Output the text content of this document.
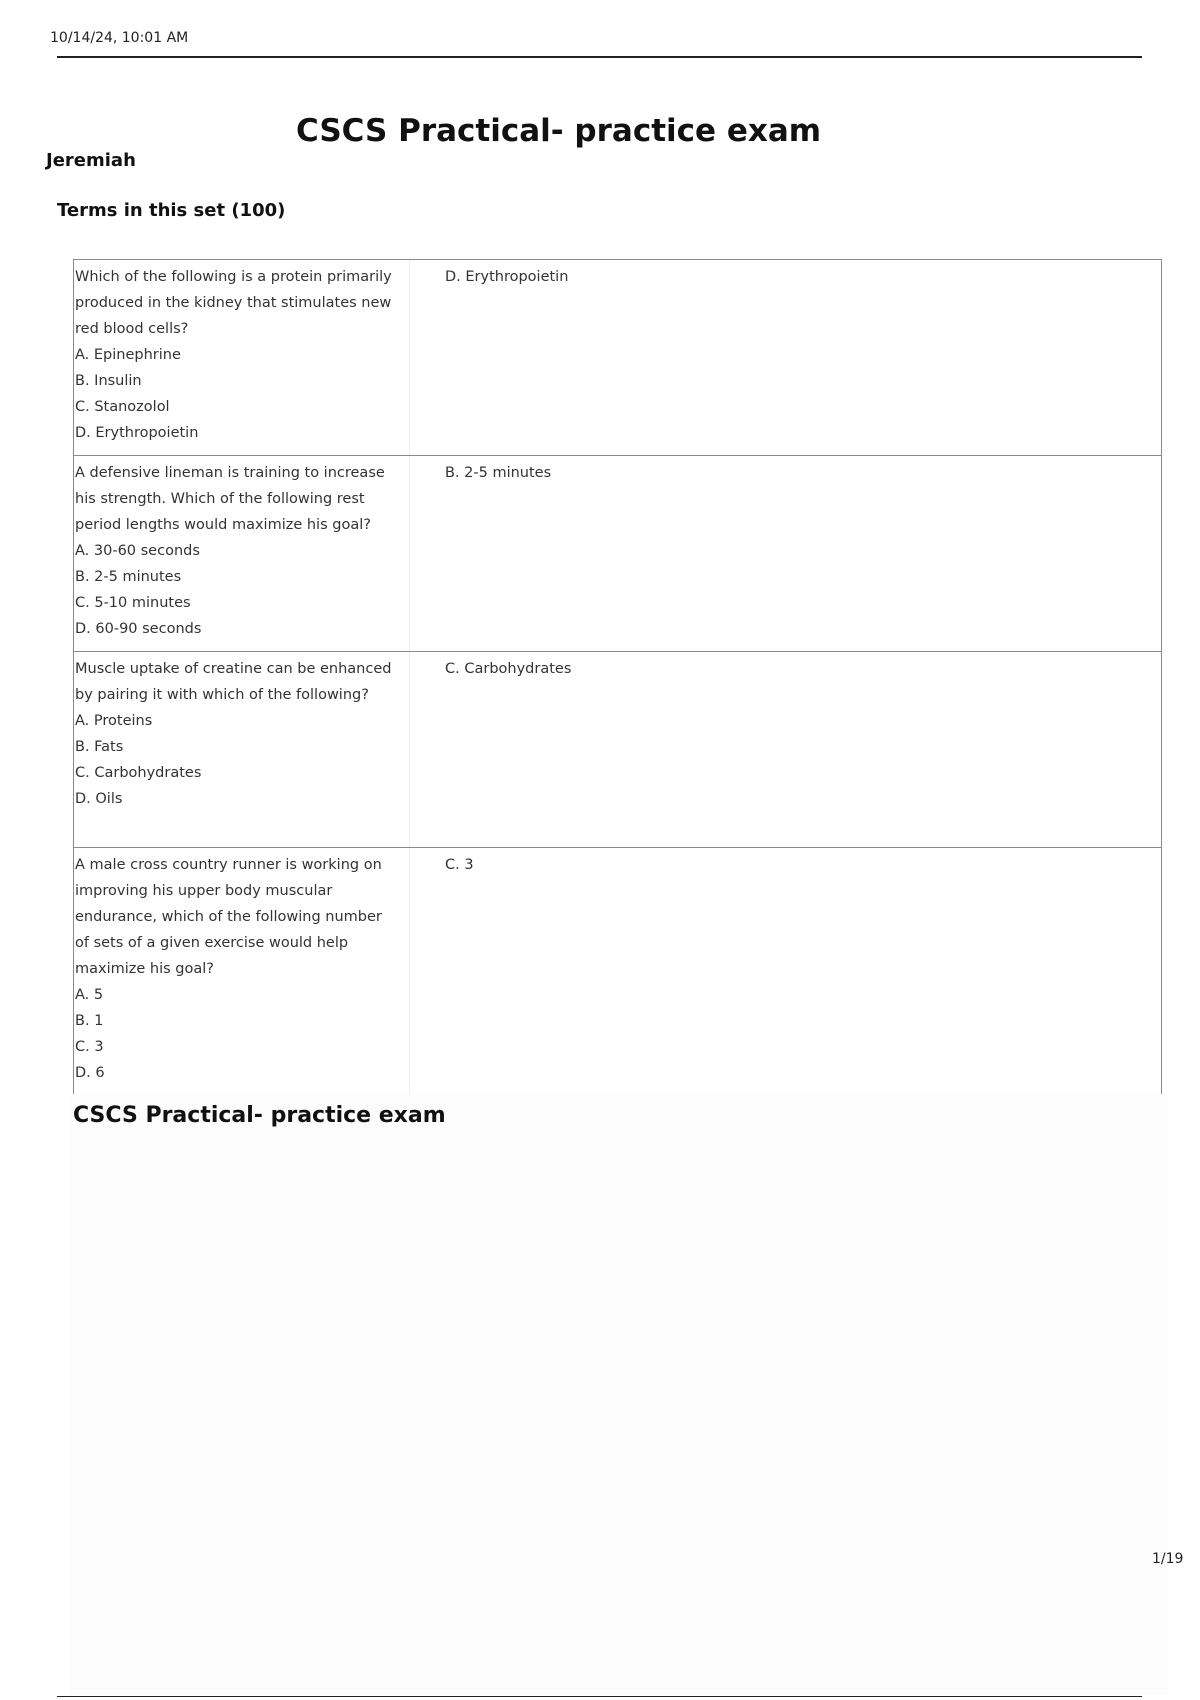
10/14/24, 10:01 AM
CSCS Practical- practice exam
Jeremiah
Terms in this set (100)
Which of the following is a protein primarily produced in the kidney that stimulates new red blood cells?
A. Epinephrine
B. Insulin
C. Stanozolol
D. Erythropoietin
D. Erythropoietin
A defensive lineman is training to increase his strength. Which of the following rest period lengths would maximize his goal?
A. 30-60 seconds
B. 2-5 minutes
C. 5-10 minutes
D. 60-90 seconds
B. 2-5 minutes
Muscle uptake of creatine can be enhanced by pairing it with which of the following?
A. Proteins
B. Fats
C. Carbohydrates
D. Oils
C. Carbohydrates
A male cross country runner is working on improving his upper body muscular endurance, which of the following number of sets of a given exercise would help maximize his goal?
A. 5
B. 1
C. 3
D. 6
C. 3
CSCS Practical- practice exam
1/19
